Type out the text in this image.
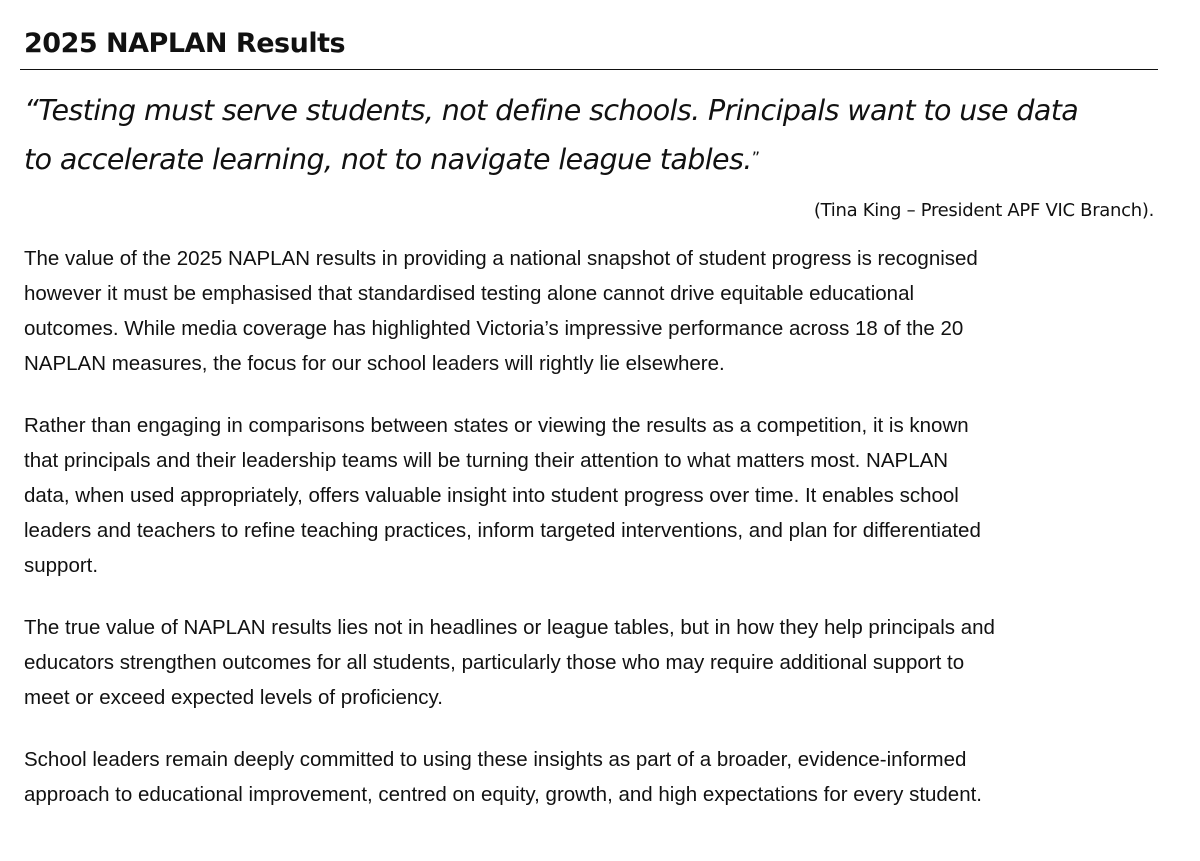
2025 NAPLAN Results
“Testing must serve students, not define schools. Principals want to use data
to accelerate learning, not to navigate league tables.”
(Tina King – President APF VIC Branch).

The value of the 2025 NAPLAN results in providing a national snapshot of student progress is recognised
however it must be emphasised that standardised testing alone cannot drive equitable educational
outcomes. While media coverage has highlighted Victoria’s impressive performance across 18 of the 20
NAPLAN measures, the focus for our school leaders will rightly lie elsewhere.

Rather than engaging in comparisons between states or viewing the results as a competition, it is known
that principals and their leadership teams will be turning their attention to what matters most. NAPLAN
data, when used appropriately, offers valuable insight into student progress over time. It enables school
leaders and teachers to refine teaching practices, inform targeted interventions, and plan for differentiated
support.

The true value of NAPLAN results lies not in headlines or league tables, but in how they help principals and
educators strengthen outcomes for all students, particularly those who may require additional support to
meet or exceed expected levels of proficiency.

School leaders remain deeply committed to using these insights as part of a broader, evidence-informed
approach to educational improvement, centred on equity, growth, and high expectations for every student.
